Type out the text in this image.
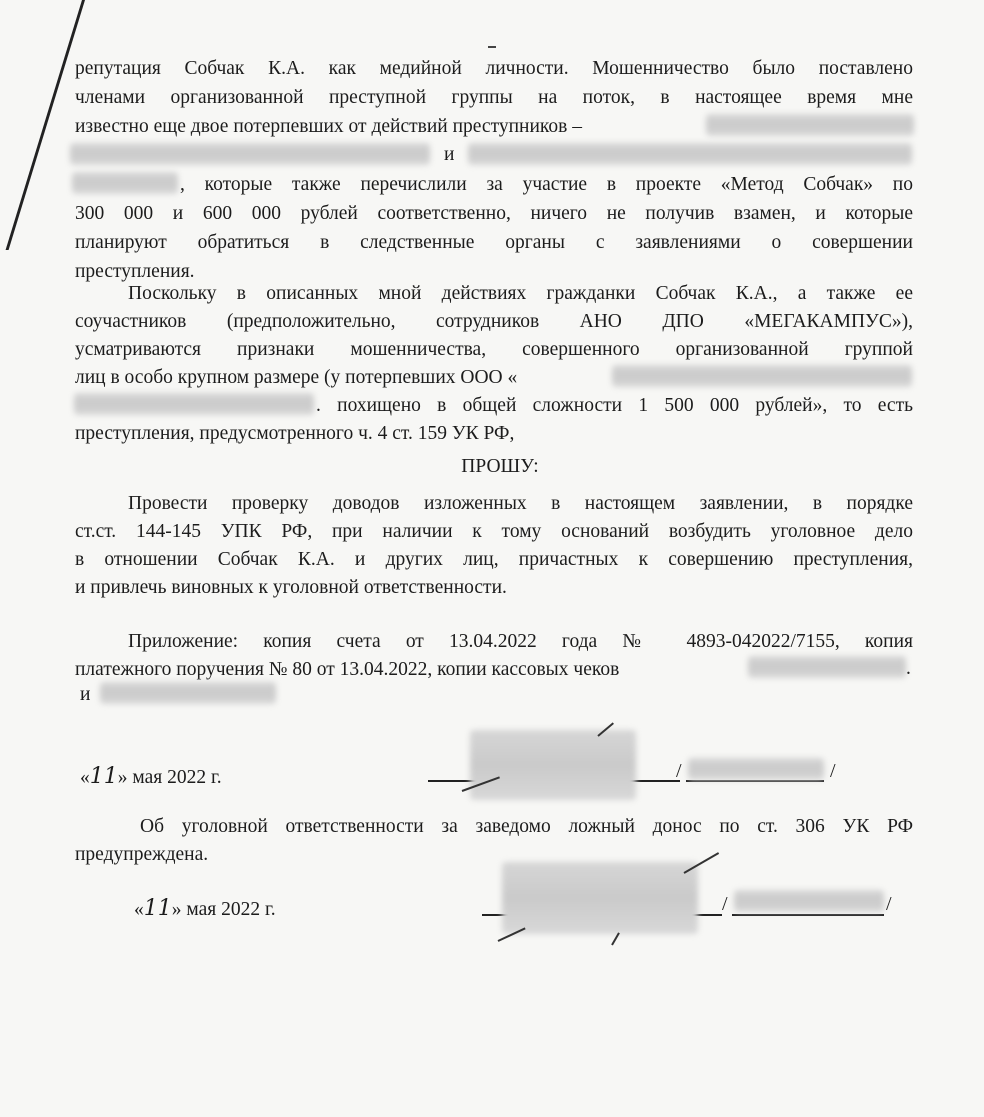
репутация Собчак К.А. как медийной личности. Мошенничество было поставлено
членами организованной преступной группы на поток, в настоящее время мне
известно еще двое потерпевших от действий преступников –
и
, которые также перечислили за участие в проекте «Метод Собчак» по
300 000 и 600 000 рублей соответственно, ничего не получив взамен, и которые
планируют обратиться в следственные органы с заявлениями о совершении
преступления.
Поскольку в описанных мной действиях гражданки Собчак К.А., а также ее
соучастников (предположительно, сотрудников АНО ДПО «МЕГАКАМПУС»),
усматриваются признаки мошенничества, совершенного организованной группой
лиц в особо крупном размере (у потерпевших ООО «
. похищено в общей сложности 1 500 000 рублей», то есть
преступления, предусмотренного ч. 4 ст. 159 УК РФ,
ПРОШУ:
Провести проверку доводов изложенных в настоящем заявлении, в порядке
ст.ст. 144-145 УПК РФ, при наличии к тому оснований возбудить уголовное дело
в отношении Собчак К.А. и других лиц, причастных к совершению преступления,
и привлечь виновных к уголовной ответственности.
Приложение: копия счета от 13.04.2022 года № 4893-042022/7155, копия
платежного поручения № 80 от 13.04.2022, копии кассовых чеков	.
и
«11» мая 2022 г.	/	/
Об уголовной ответственности за заведомо ложный донос по ст. 306 УК РФ
предупреждена.
«11» мая 2022 г.	/	/
